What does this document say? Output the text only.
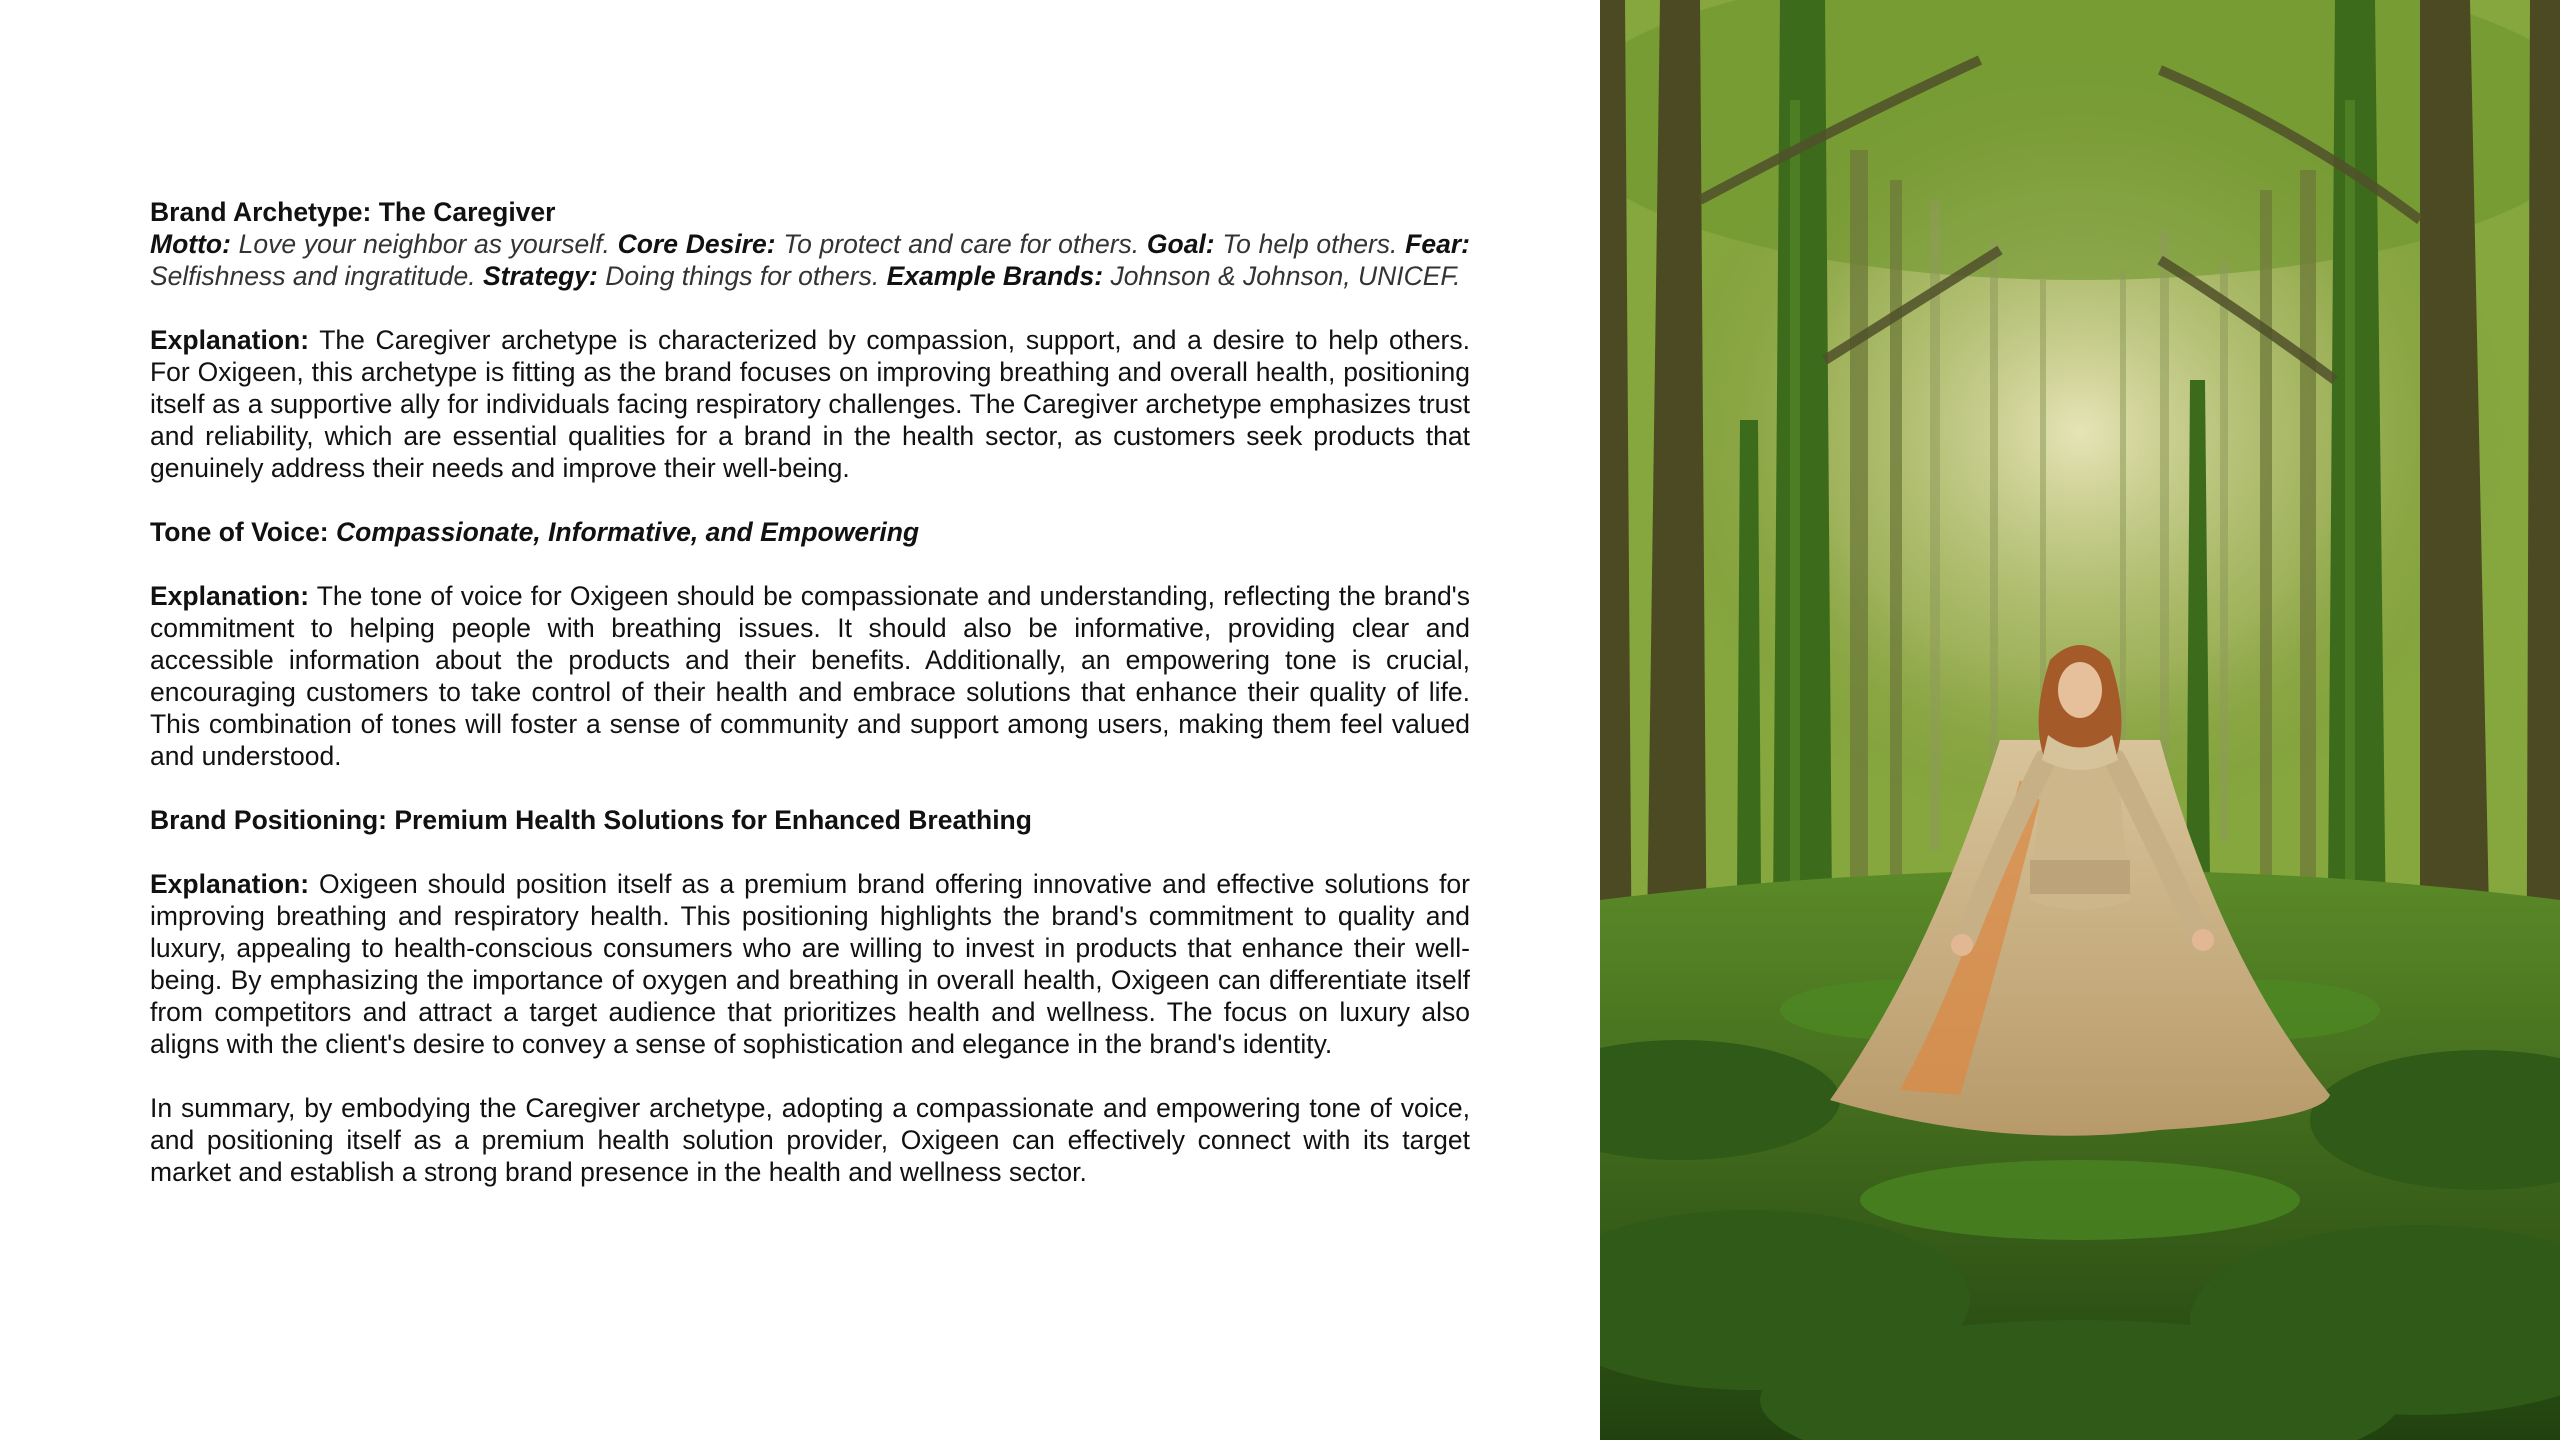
Brand Archetype: The Caregiver

Motto: Love your neighbor as yourself. Core Desire: To protect and care for others. Goal: To help others. Fear: Selfishness and ingratitude. Strategy: Doing things for others. Example Brands: Johnson & Johnson, UNICEF.

Explanation: The Caregiver archetype is characterized by compassion, support, and a desire to help others. For Oxigeen, this archetype is fitting as the brand focuses on improving breathing and overall health, positioning itself as a supportive ally for individuals facing respiratory challenges. The Caregiver archetype emphasizes trust and reliability, which are essential qualities for a brand in the health sector, as customers seek products that genuinely address their needs and improve their well-being.

Tone of Voice: Compassionate, Informative, and Empowering

Explanation: The tone of voice for Oxigeen should be compassionate and understanding, reflecting the brand's commitment to helping people with breathing issues. It should also be informative, providing clear and accessible information about the products and their benefits. Additionally, an empowering tone is crucial, encouraging customers to take control of their health and embrace solutions that enhance their quality of life. This combination of tones will foster a sense of community and support among users, making them feel valued and understood.

Brand Positioning: Premium Health Solutions for Enhanced Breathing

Explanation: Oxigeen should position itself as a premium brand offering innovative and effective solutions for improving breathing and respiratory health. This positioning highlights the brand's commitment to quality and luxury, appealing to health-conscious consumers who are willing to invest in products that enhance their well-being. By emphasizing the importance of oxygen and breathing in overall health, Oxigeen can differentiate itself from competitors and attract a target audience that prioritizes health and wellness. The focus on luxury also aligns with the client's desire to convey a sense of sophistication and elegance in the brand's identity.

In summary, by embodying the Caregiver archetype, adopting a compassionate and empowering tone of voice, and positioning itself as a premium health solution provider, Oxigeen can effectively connect with its target market and establish a strong brand presence in the health and wellness sector.
